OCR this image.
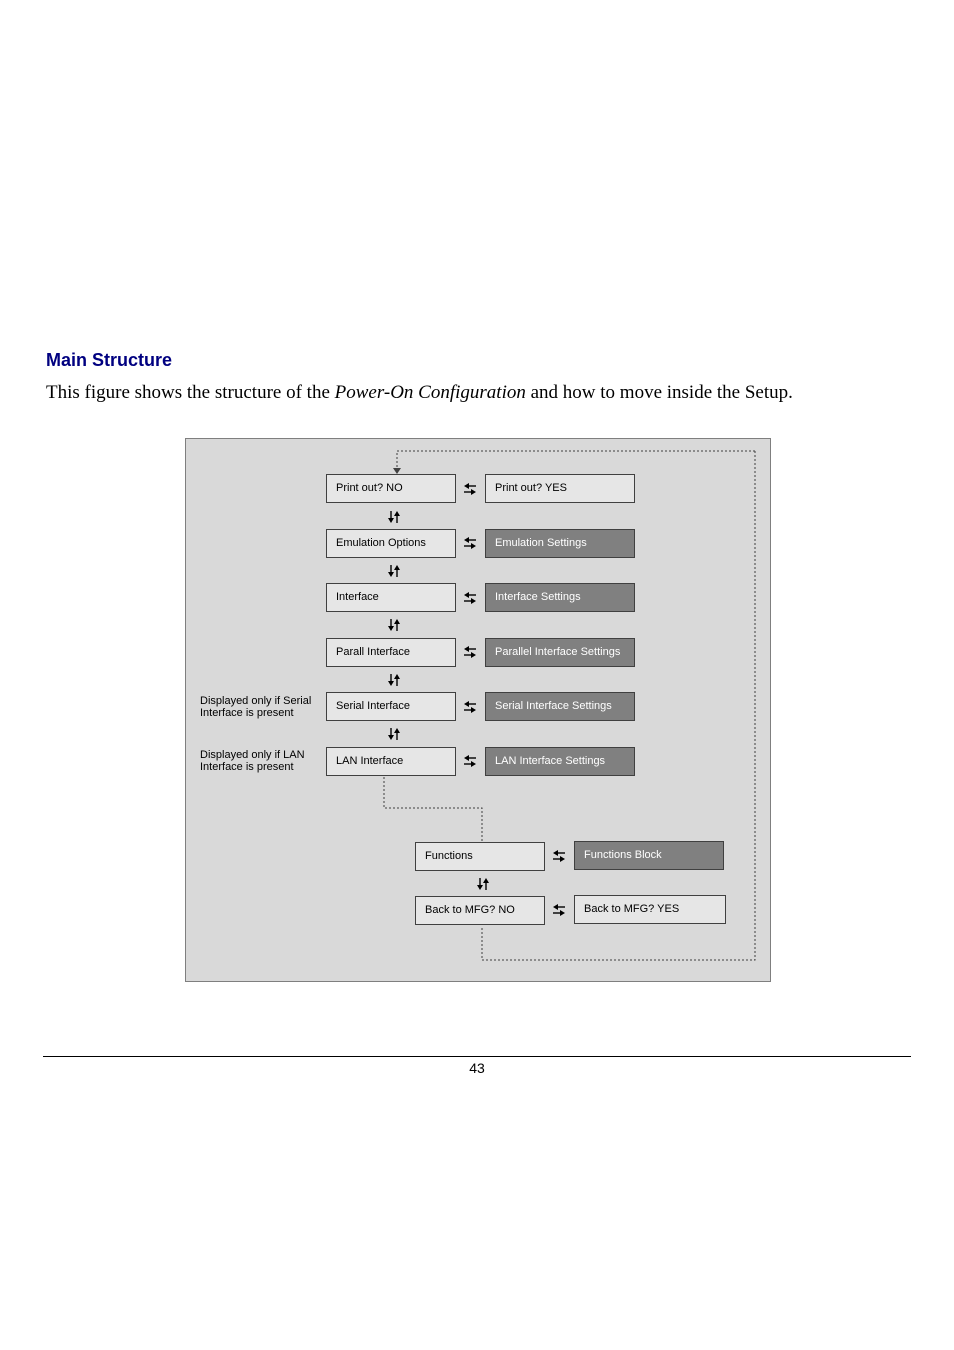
Main Structure

This figure shows the structure of the Power-On Configuration and how to move inside the Setup.

Print out? NO	Print out? YES
Emulation Options	Emulation Settings
Interface	Interface Settings
Parall Interface	Parallel Interface Settings
Serial Interface	Serial Interface Settings
LAN Interface	LAN Interface Settings
Functions	Functions Block
Back to MFG? NO	Back to MFG? YES
Displayed only if Serial Interface is present
Displayed only if LAN Interface is present
43
